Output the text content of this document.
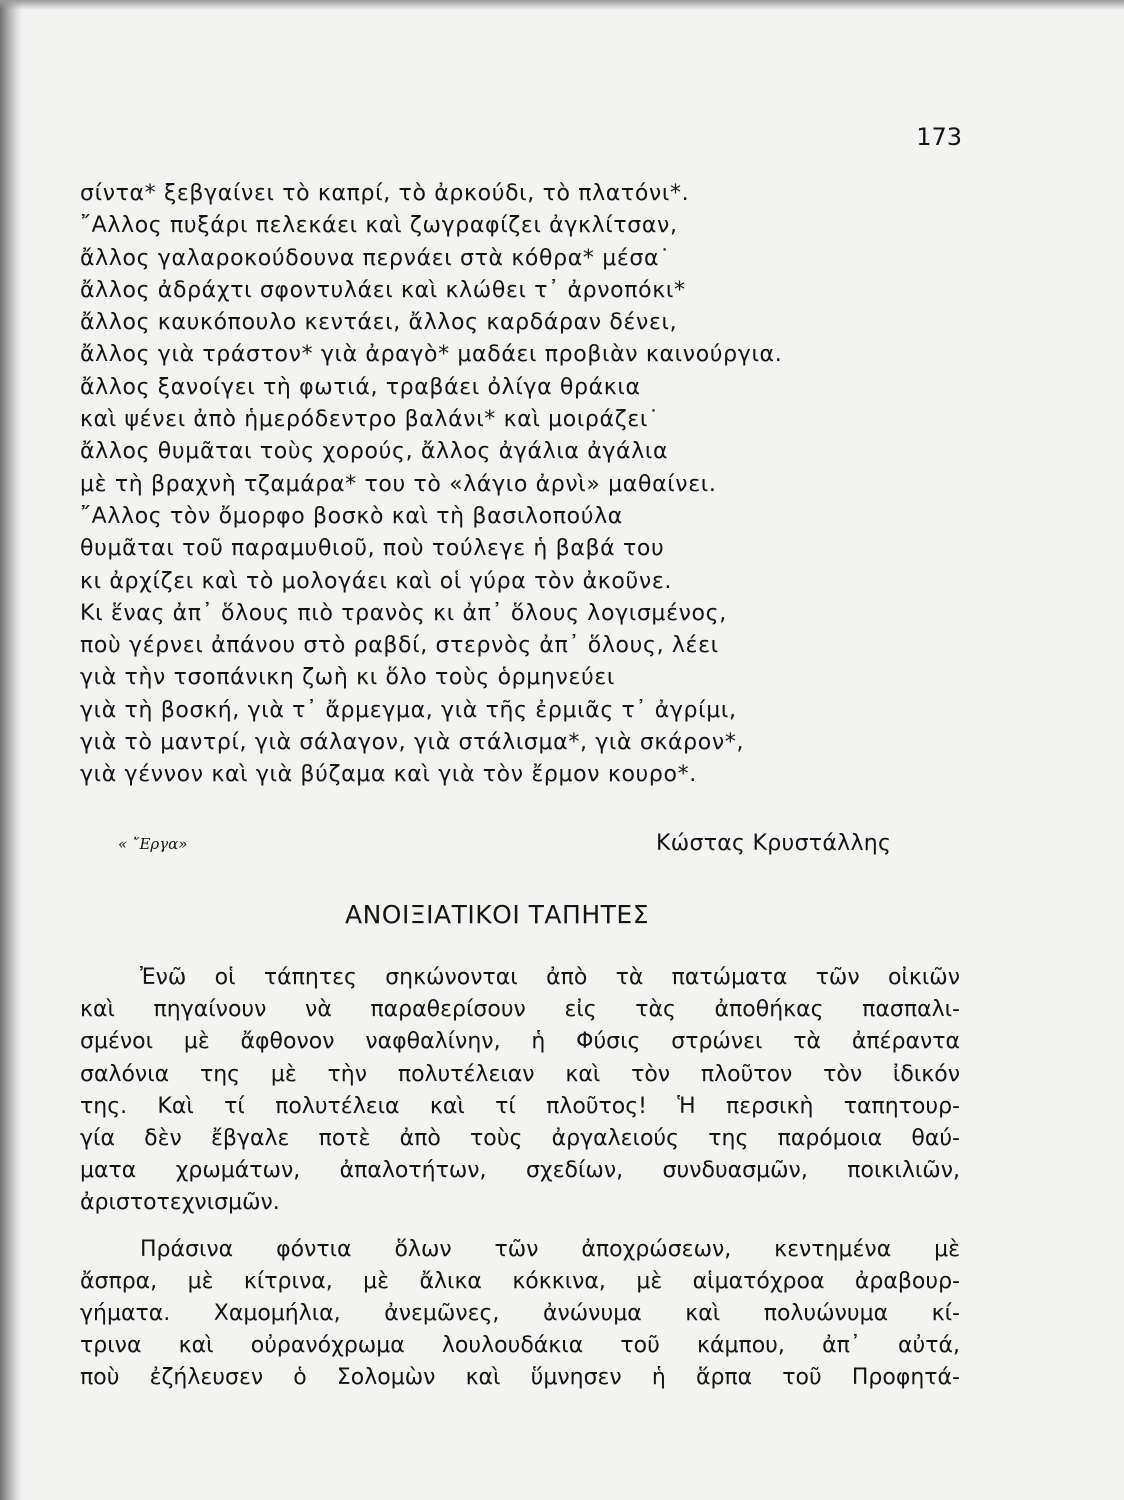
173
σίντα* ξεβγαίνει τὸ καπρί, τὸ ἀρκούδι, τὸ πλατόνι*.
῎Αλλος πυξάρι πελεκάει καὶ ζωγραφίζει ἀγκλίτσαν,
ἄλλος γαλαροκούδουνα περνάει στὰ κόθρα* μέσα˙
ἄλλος ἀδράχτι σφοντυλάει καὶ κλώθει τ᾽ ἀρνοπόκι*
ἄλλος καυκόπουλο κεντάει, ἄλλος καρδάραν δένει,
ἄλλος γιὰ τράστον* γιὰ ἀραγὸ* μαδάει προβιὰν καινούργια.
ἄλλος ξανοίγει τὴ φωτιά, τραβάει ὀλίγα θράκια
καὶ ψένει ἀπὸ ἡμερόδεντρο βαλάνι* καὶ μοιράζει˙
ἄλλος θυμᾶται τοὺς χορούς, ἄλλος ἀγάλια ἀγάλια
μὲ τὴ βραχνὴ τζαμάρα* του τὸ «λάγιο ἀρνὶ» μαθαίνει.
῎Αλλος τὸν ὄμορφο βοσκὸ καὶ τὴ βασιλοπούλα
θυμᾶται τοῦ παραμυθιοῦ, ποὺ τούλεγε ἡ βαβά του
κι ἀρχίζει καὶ τὸ μολογάει καὶ οἱ γύρα τὸν ἀκοῦνε.
Κι ἕνας ἀπ᾽ ὅλους πιὸ τρανὸς κι ἀπ᾽ ὅλους λογισμένος,
ποὺ γέρνει ἀπάνου στὸ ραβδί, στερνὸς ἀπ᾽ ὅλους, λέει
γιὰ τὴν τσοπάνικη ζωὴ κι ὅλο τοὺς ὁρμηνεύει
γιὰ τὴ βοσκή, γιὰ τ᾽ ἄρμεγμα, γιὰ τῆς ἐρμιᾶς τ᾽ ἀγρίμι,
γιὰ τὸ μαντρί, γιὰ σάλαγον, γιὰ στάλισμα*, γιὰ σκάρον*,
γιὰ γέννον καὶ γιὰ βύζαμα καὶ γιὰ τὸν ἔρμον κουρο*.
« ῎Εργα»	Κώστας Κρυστάλλης
ΑΝΟΙΞΙΑΤΙΚΟΙ ΤΑΠΗΤΕΣ
Ἐνῶ οἱ τάπητες σηκώνονται ἀπὸ τὰ πατώματα τῶν οἰκιῶν
καὶ πηγαίνουν νὰ παραθερίσουν εἰς τὰς ἀποθήκας πασπαλι-
σμένοι μὲ ἄφθονον ναφθαλίνην, ἡ Φύσις στρώνει τὰ ἀπέραντα
σαλόνια της μὲ τὴν πολυτέλειαν καὶ τὸν πλοῦτον τὸν ἰδικόν
της. Καὶ τί πολυτέλεια καὶ τί πλοῦτος! Ἡ περσικὴ ταπητουρ-
γία δὲν ἔβγαλε ποτὲ ἀπὸ τοὺς ἀργαλειούς της παρόμοια θαύ-
ματα χρωμάτων, ἀπαλοτήτων, σχεδίων, συνδυασμῶν, ποικιλιῶν,
ἀριστοτεχνισμῶν.
Πράσινα φόντια ὅλων τῶν ἀποχρώσεων, κεντημένα μὲ
ἄσπρα, μὲ κίτρινα, μὲ ἄλικα κόκκινα, μὲ αἱματόχροα ἀραβουρ-
γήματα. Χαμομήλια, ἀνεμῶνες, ἀνώνυμα καὶ πολυώνυμα κί-
τρινα καὶ οὐρανόχρωμα λουλουδάκια τοῦ κάμπου, ἀπ᾽ αὐτά,
ποὺ ἐζήλευσεν ὁ Σολομὼν καὶ ὕμνησεν ἡ ἅρπα τοῦ Προφητά-
